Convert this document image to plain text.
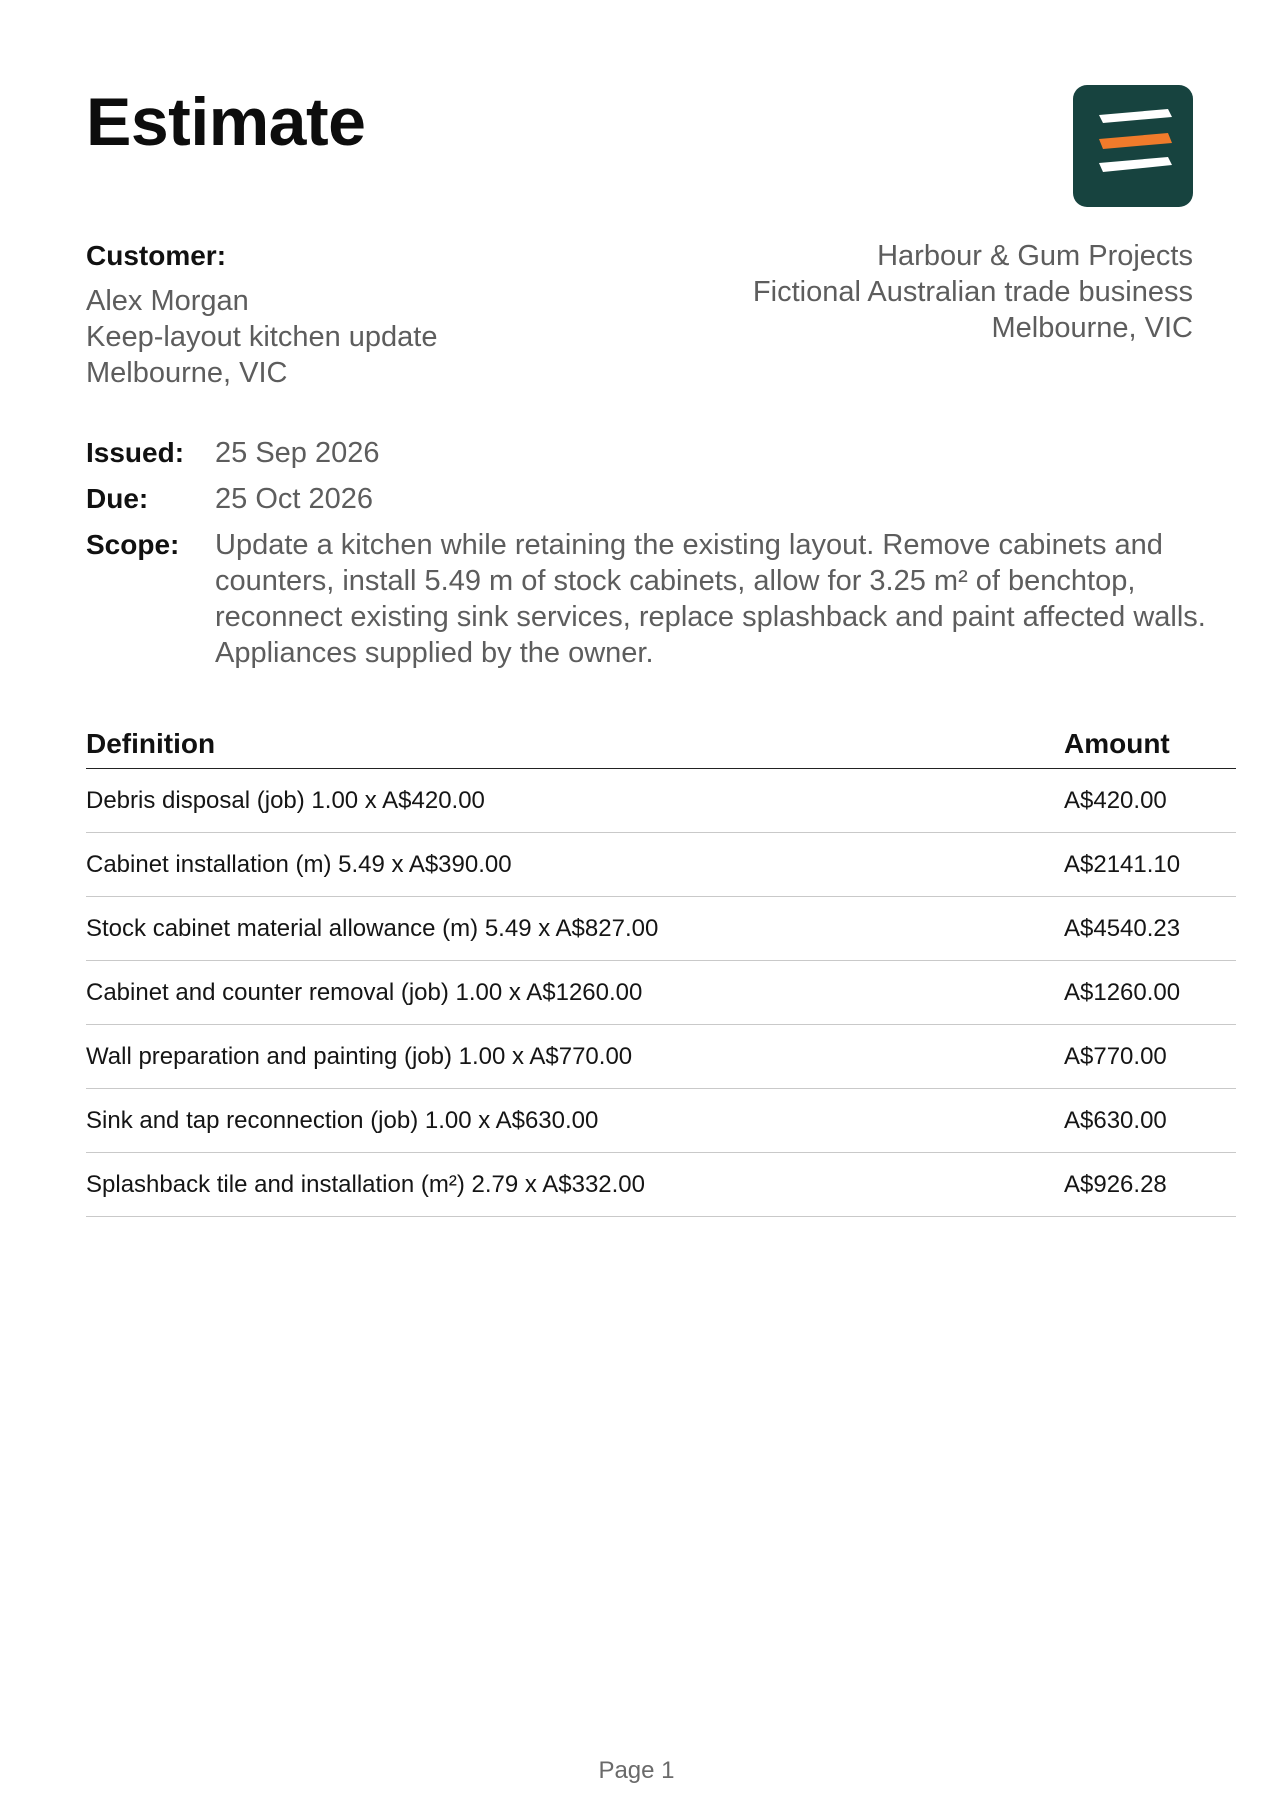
Estimate
Customer:
Alex Morgan
Keep-layout kitchen update
Melbourne, VIC
Harbour & Gum Projects
Fictional Australian trade business
Melbourne, VIC
Issued:	25 Sep 2026
Due:	25 Oct 2026
Scope:	Update a kitchen while retaining the existing layout. Remove cabinets and counters, install 5.49 m of stock cabinets, allow for 3.25 m² of benchtop, reconnect existing sink services, replace splashback and paint affected walls. Appliances supplied by the owner.
Definition	Amount
Debris disposal (job) 1.00 x A$420.00	A$420.00
Cabinet installation (m) 5.49 x A$390.00	A$2141.10
Stock cabinet material allowance (m) 5.49 x A$827.00	A$4540.23
Cabinet and counter removal (job) 1.00 x A$1260.00	A$1260.00
Wall preparation and painting (job) 1.00 x A$770.00	A$770.00
Sink and tap reconnection (job) 1.00 x A$630.00	A$630.00
Splashback tile and installation (m²) 2.79 x A$332.00	A$926.28
Page 1
